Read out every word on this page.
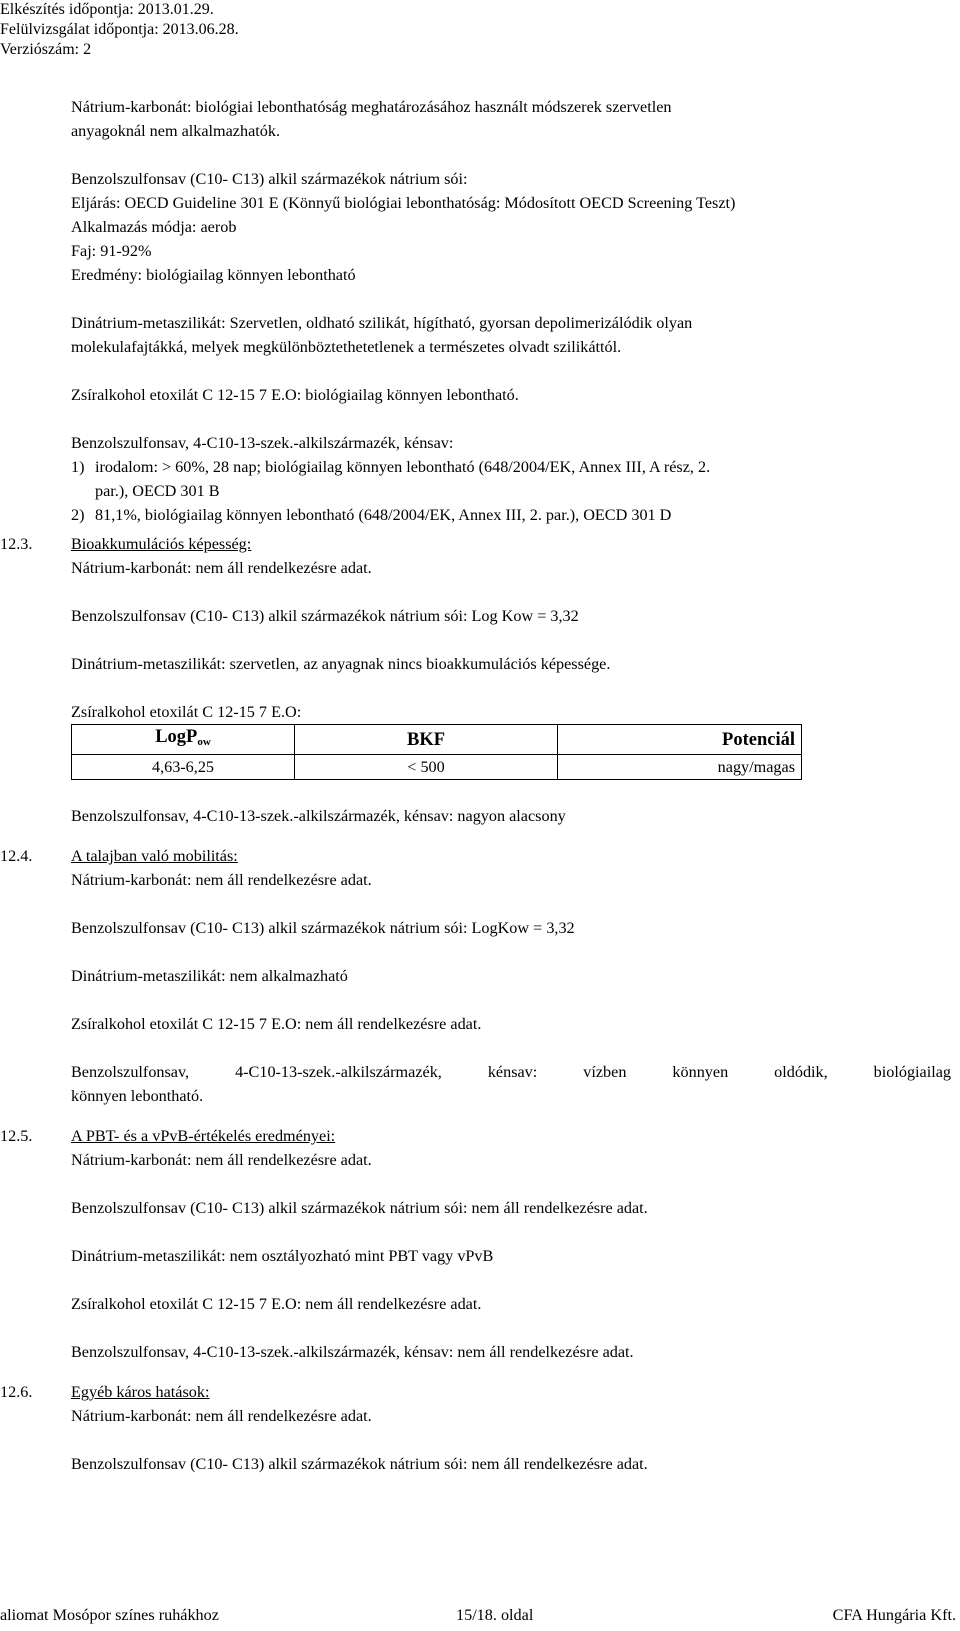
Elkészítés időpontja: 2013.01.29.
Felülvizsgálat időpontja: 2013.06.28.
Verziószám: 2
Nátrium-karbonát: biológiai lebonthatóság meghatározásához használt módszerek szervetlen
anyagoknál nem alkalmazhatók.
Benzolszulfonsav (C10- C13) alkil származékok nátrium sói:
Eljárás: OECD Guideline 301 E (Könnyű biológiai lebonthatóság: Módosított OECD Screening Teszt)
Alkalmazás módja: aerob
Faj: 91-92%
Eredmény: biológiailag könnyen lebontható
Dinátrium-metaszilikát: Szervetlen, oldható szilikát, hígítható, gyorsan depolimerizálódik olyan
molekulafajtákká, melyek megkülönböztethetetlenek a természetes olvadt szilikáttól.
Zsíralkohol etoxilát C 12-15 7 E.O: biológiailag könnyen lebontható.
Benzolszulfonsav, 4-C10-13-szek.-alkilszármazék, kénsav:
1) irodalom: > 60%, 28 nap; biológiailag könnyen lebontható (648/2004/EK, Annex III, A rész, 2.
par.), OECD 301 B
2) 81,1%, biológiailag könnyen lebontható (648/2004/EK, Annex III, 2. par.), OECD 301 D
12.3. Bioakkumulációs képesség:
Nátrium-karbonát: nem áll rendelkezésre adat.
Benzolszulfonsav (C10- C13) alkil származékok nátrium sói: Log Kow = 3,32
Dinátrium-metaszilikát: szervetlen, az anyagnak nincs bioakkumulációs képessége.
Zsíralkohol etoxilát C 12-15 7 E.O:
LogP$_{ow}$	BKF	Potenciál
4,63-6,25	< 500	nagy/magas
Benzolszulfonsav, 4-C10-13-szek.-alkilszármazék, kénsav: nagyon alacsony
12.4. A talajban való mobilitás:
Nátrium-karbonát: nem áll rendelkezésre adat.
Benzolszulfonsav (C10- C13) alkil származékok nátrium sói: LogKow = 3,32
Dinátrium-metaszilikát: nem alkalmazható
Zsíralkohol etoxilát C 12-15 7 E.O: nem áll rendelkezésre adat.
Benzolszulfonsav, 4-C10-13-szek.-alkilszármazék, kénsav: vízben könnyen oldódik, biológiailag
könnyen lebontható.
12.5. A PBT- és a vPvB-értékelés eredményei:
Nátrium-karbonát: nem áll rendelkezésre adat.
Benzolszulfonsav (C10- C13) alkil származékok nátrium sói: nem áll rendelkezésre adat.
Dinátrium-metaszilikát: nem osztályozható mint PBT vagy vPvB
Zsíralkohol etoxilát C 12-15 7 E.O: nem áll rendelkezésre adat.
Benzolszulfonsav, 4-C10-13-szek.-alkilszármazék, kénsav: nem áll rendelkezésre adat.
12.6. Egyéb káros hatások:
Nátrium-karbonát: nem áll rendelkezésre adat.
Benzolszulfonsav (C10- C13) alkil származékok nátrium sói: nem áll rendelkezésre adat.
aliomat Mosópor színes ruhákhoz	15/18. oldal	CFA Hungária Kft.
